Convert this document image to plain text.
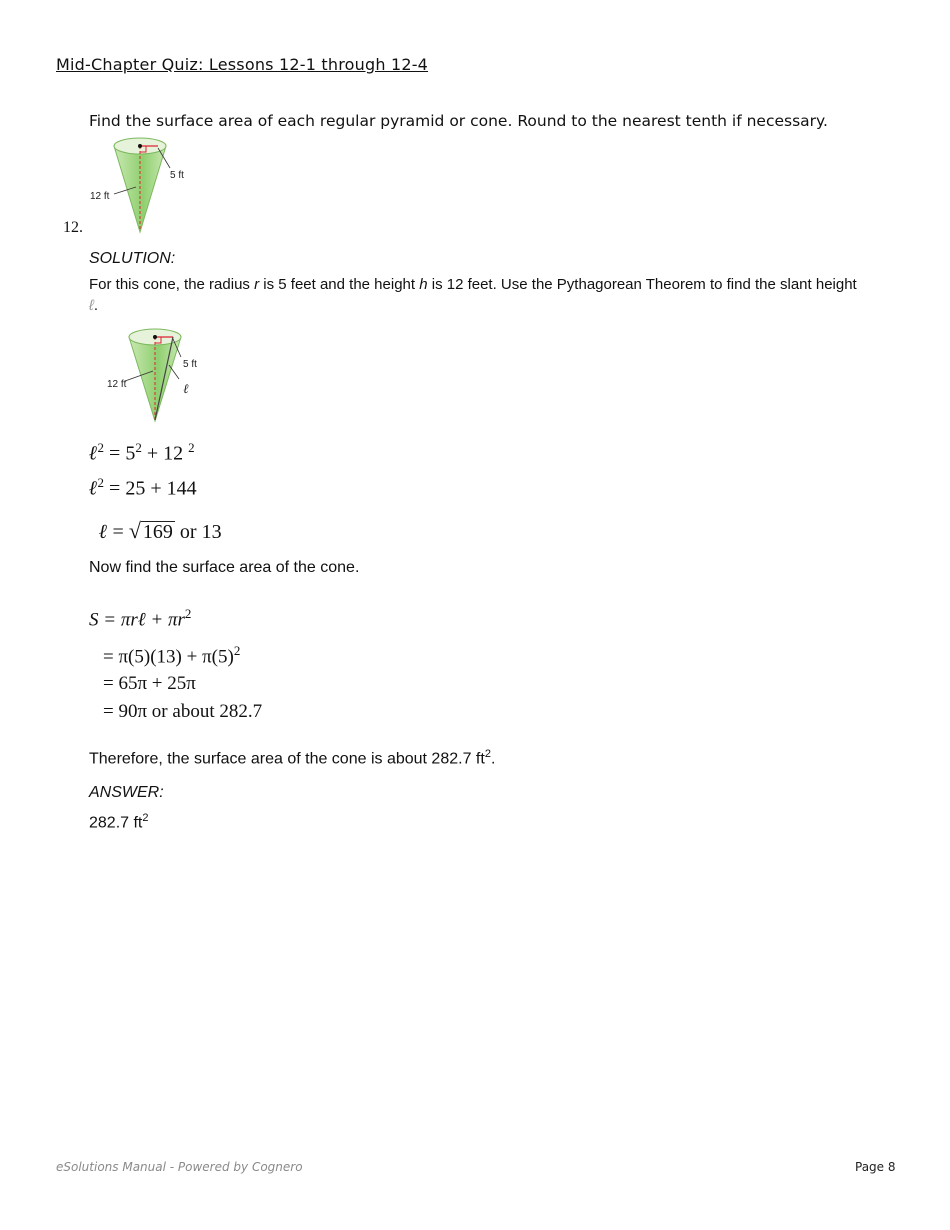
Mid-Chapter Quiz: Lessons 12-1 through 12-4
Find the surface area of each regular pyramid or cone. Round to the nearest tenth if necessary.
5 ft
12 ft
12.
SOLUTION:
For this cone, the radius r is 5 feet and the height h is 12 feet. Use the Pythagorean Theorem to find the slant height
ℓ.
5 ft
12 ft	ℓ
ℓ$^2$ = $5^2 + 12$ $^2$
ℓ$^2$ = 25 + 144
ℓ = √ 169 or 13
Now find the surface area of the cone.
S = πrℓ + $\pi r^2$
= $\pi(5)(13) + \pi(5)^2$
= 65π + 25π
= 90π or about 282.7
Therefore, the surface area of the cone is about 282.7 $ft^2$.
ANSWER:
282.7 $ft^2$
eSolutions Manual - Powered by Cognero	Page 8
